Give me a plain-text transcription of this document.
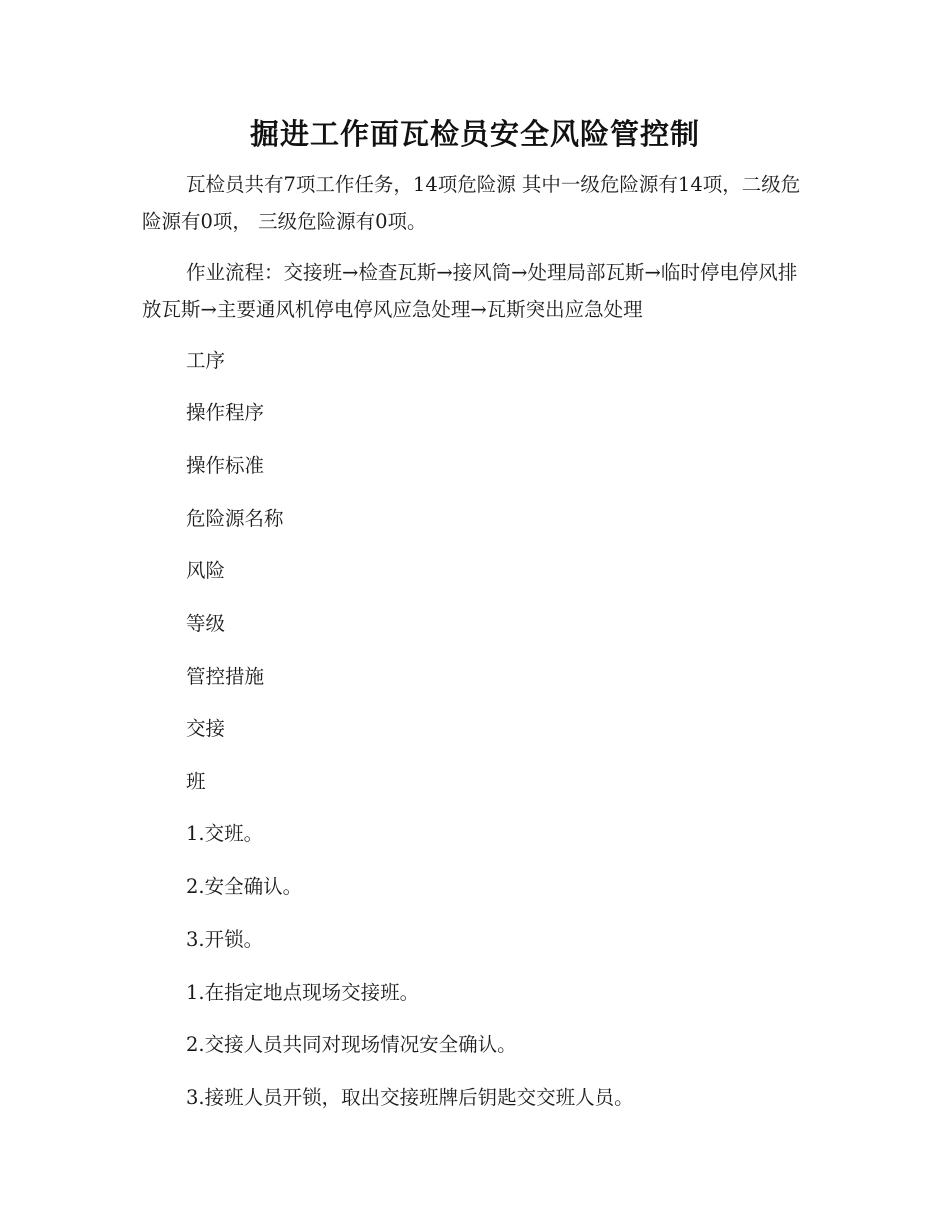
掘进工作面瓦检员安全风险管控制

瓦检员共有7项工作任务，14项危险源 其中一级危险源有14项，二级危险源有0项， 三级危险源有0项。

作业流程：交接班→检查瓦斯→接风筒→处理局部瓦斯→临时停电停风排放瓦斯→主要通风机停电停风应急处理→瓦斯突出应急处理

工序
操作程序
操作标准
危险源名称
风险
等级
管控措施
交接
班
1.交班。
2.安全确认。
3.开锁。
1.在指定地点现场交接班。
2.交接人员共同对现场情况安全确认。
3.接班人员开锁，取出交接班牌后钥匙交交班人员。
